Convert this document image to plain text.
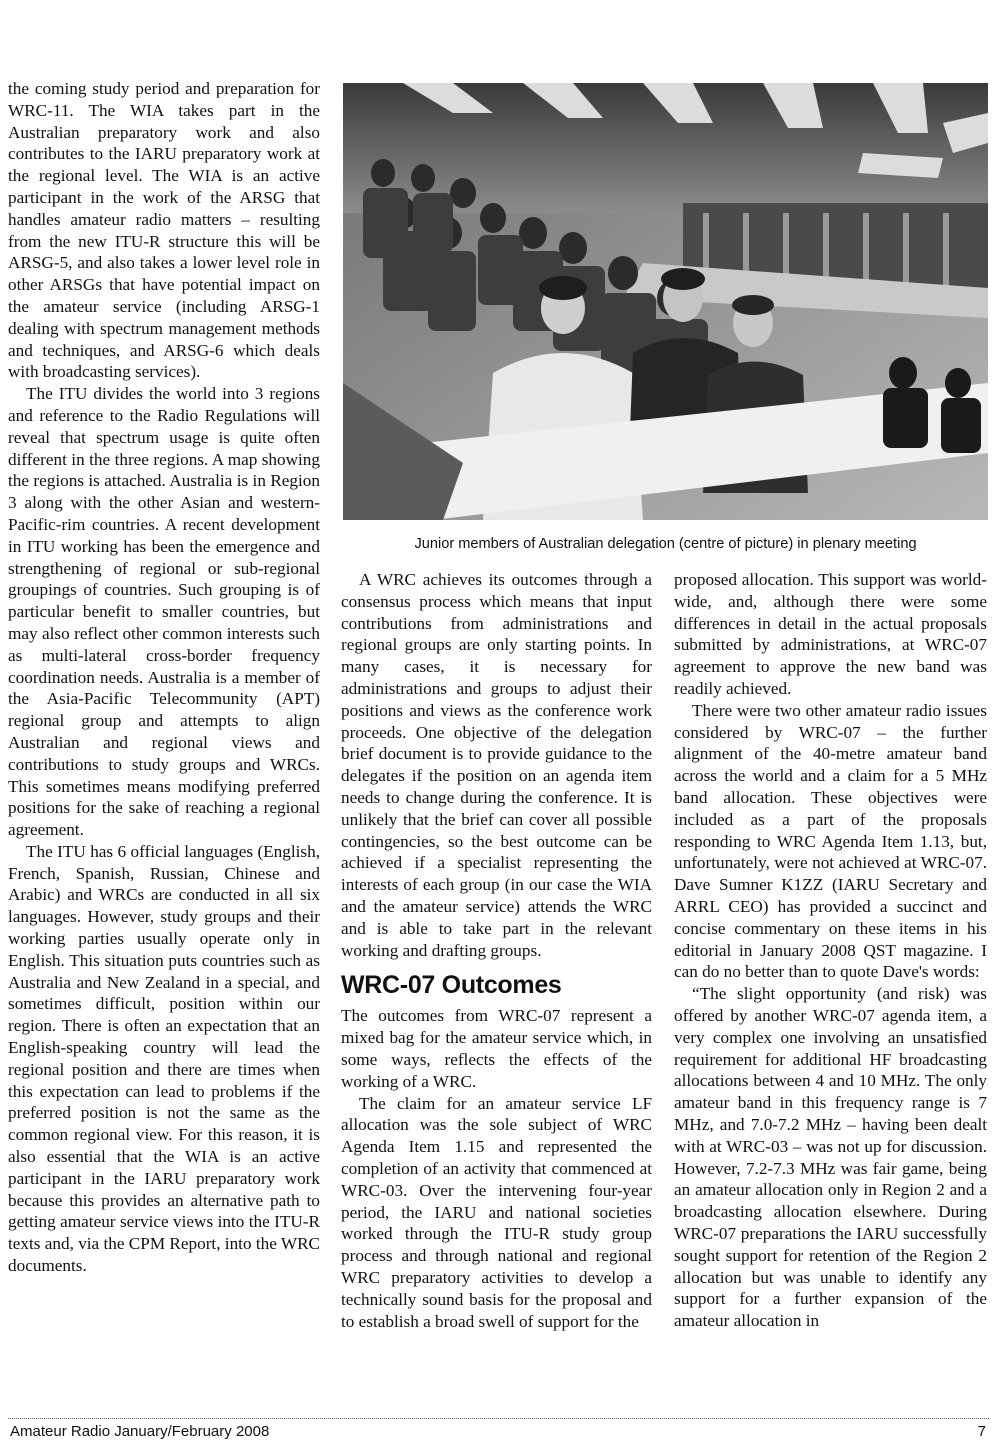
the coming study period and preparation for WRC-11. The WIA takes part in the Australian preparatory work and also contributes to the IARU preparatory work at the regional level. The WIA is an active participant in the work of the ARSG that handles amateur radio matters – resulting from the new ITU-R structure this will be ARSG-5, and also takes a lower level role in other ARSGs that have potential impact on the amateur service (including ARSG-1 dealing with spectrum management methods and techniques, and ARSG-6 which deals with broadcasting services).

The ITU divides the world into 3 regions and reference to the Radio Regulations will reveal that spectrum usage is quite often different in the three regions. A map showing the regions is attached. Australia is in Region 3 along with the other Asian and western-Pacific-rim countries. A recent development in ITU working has been the emergence and strengthening of regional or sub-regional groupings of countries. Such grouping is of particular benefit to smaller countries, but may also reflect other common interests such as multi-lateral cross-border frequency coordination needs. Australia is a member of the Asia-Pacific Telecommunity (APT) regional group and attempts to align Australian and regional views and contributions to study groups and WRCs. This sometimes means modifying preferred positions for the sake of reaching a regional agreement.

The ITU has 6 official languages (English, French, Spanish, Russian, Chinese and Arabic) and WRCs are conducted in all six languages. However, study groups and their working parties usually operate only in English. This situation puts countries such as Australia and New Zealand in a special, and sometimes difficult, position within our region. There is often an expectation that an English-speaking country will lead the regional position and there are times when this expectation can lead to problems if the preferred position is not the same as the common regional view. For this reason, it is also essential that the WIA is an active participant in the IARU preparatory work because this provides an alternative path to getting amateur service views into the ITU-R texts and, via the CPM Report, into the WRC documents.

Junior members of Australian delegation (centre of picture) in plenary meeting

A WRC achieves its outcomes through a consensus process which means that input contributions from administrations and regional groups are only starting points. In many cases, it is necessary for administrations and groups to adjust their positions and views as the conference work proceeds. One objective of the delegation brief document is to provide guidance to the delegates if the position on an agenda item needs to change during the conference. It is unlikely that the brief can cover all possible contingencies, so the best outcome can be achieved if a specialist representing the interests of each group (in our case the WIA and the amateur service) attends the WRC and is able to take part in the relevant working and drafting groups.

WRC-07 Outcomes

The outcomes from WRC-07 represent a mixed bag for the amateur service which, in some ways, reflects the effects of the working of a WRC.

The claim for an amateur service LF allocation was the sole subject of WRC Agenda Item 1.15 and represented the completion of an activity that commenced at WRC-03. Over the intervening four-year period, the IARU and national societies worked through the ITU-R study group process and through national and regional WRC preparatory activities to develop a technically sound basis for the proposal and to establish a broad swell of support for the

proposed allocation. This support was world-wide, and, although there were some differences in detail in the actual proposals submitted by administrations, at WRC-07 agreement to approve the new band was readily achieved.

There were two other amateur radio issues considered by WRC-07 – the further alignment of the 40-metre amateur band across the world and a claim for a 5 MHz band allocation. These objectives were included as a part of the proposals responding to WRC Agenda Item 1.13, but, unfortunately, were not achieved at WRC-07. Dave Sumner K1ZZ (IARU Secretary and ARRL CEO) has provided a succinct and concise commentary on these items in his editorial in January 2008 QST magazine. I can do no better than to quote Dave's words:

“The slight opportunity (and risk) was offered by another WRC-07 agenda item, a very complex one involving an unsatisfied requirement for additional HF broadcasting allocations between 4 and 10 MHz. The only amateur band in this frequency range is 7 MHz, and 7.0-7.2 MHz – having been dealt with at WRC-03 – was not up for discussion. However, 7.2-7.3 MHz was fair game, being an amateur allocation only in Region 2 and a broadcasting allocation elsewhere. During WRC-07 preparations the IARU successfully sought support for retention of the Region 2 allocation but was unable to identify any support for a further expansion of the amateur allocation in

Amateur Radio January/February 2008	7
